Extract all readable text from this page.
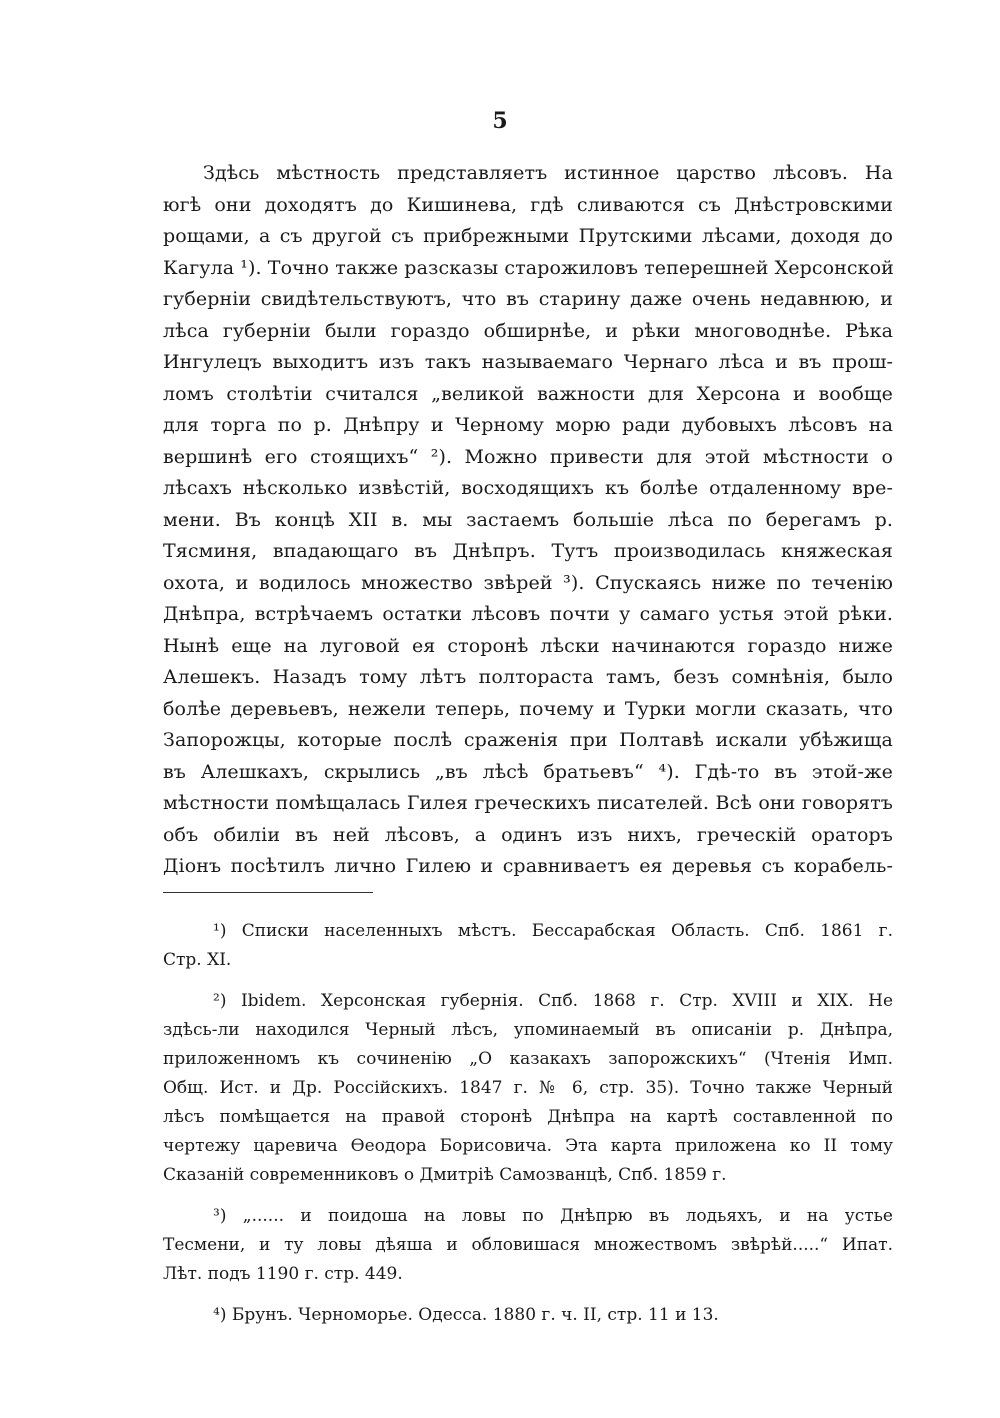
5
Здѣсь мѣстность представляетъ истинное царство лѣсовъ. На
югѣ они доходятъ до Кишинева, гдѣ сливаются съ Днѣстровскими
рощами, а съ другой съ прибрежными Прутскими лѣсами, доходя до
Кагула ¹). Точно также разсказы старожиловъ теперешней Херсонской
губерніи свидѣтельствуютъ, что въ старину даже очень недавнюю, и
лѣса губерніи были гораздо обширнѣе, и рѣки многоводнѣе. Рѣка
Ингулецъ выходитъ изъ такъ называемаго Чернаго лѣса и въ прош-
ломъ столѣтіи считался „великой важности для Херсона и вообще
для торга по р. Днѣпру и Черному морю ради дубовыхъ лѣсовъ на
вершинѣ его стоящихъ“ ²). Можно привести для этой мѣстности о
лѣсахъ нѣсколько извѣстій, восходящихъ къ болѣе отдаленному вре-
мени. Въ концѣ XII в. мы застаемъ большіе лѣса по берегамъ р.
Тясминя, впадающаго въ Днѣпръ. Тутъ производилась княжеская
охота, и водилось множество звѣрей ³). Спускаясь ниже по теченію
Днѣпра, встрѣчаемъ остатки лѣсовъ почти у самаго устья этой рѣки.
Нынѣ еще на луговой ея сторонѣ лѣски начинаются гораздо ниже
Алешекъ. Назадъ тому лѣтъ полтораста тамъ, безъ сомнѣнія, было
болѣе деревьевъ, нежели теперь, почему и Турки могли сказать, что
Запорожцы, которые послѣ сраженія при Полтавѣ искали убѣжища
въ Алешкахъ, скрылись „въ лѣсѣ братьевъ“ ⁴). Гдѣ-то въ этой-же
мѣстности помѣщалась Гилея греческихъ писателей. Всѣ они говорятъ
объ обиліи въ ней лѣсовъ, а одинъ изъ нихъ, греческій ораторъ
Діонъ посѣтилъ лично Гилею и сравниваетъ ея деревья съ корабель-
¹) Списки населенныхъ мѣстъ. Бессарабская Область. Спб. 1861 г.
Стр. XI.
²) Ibidem. Херсонская губернія. Спб. 1868 г. Стр. XVIII и XIX. Не
здѣсь-ли находился Черный лѣсъ, упоминаемый въ описаніи р. Днѣпра,
приложенномъ къ сочиненію „О казакахъ запорожскихъ“ (Чтенія Имп.
Общ. Ист. и Др. Россійскихъ. 1847 г. № 6, стр. 35). Точно также Черный
лѣсъ помѣщается на правой сторонѣ Днѣпра на картѣ составленной по
чертежу царевича Ѳеодора Борисовича. Эта карта приложена ко II тому
Сказаній современниковъ о Дмитріѣ Самозванцѣ, Спб. 1859 г.
³) „...... и поидоша на ловы по Днѣпрю въ лодьяхъ, и на устье
Тесмени, и ту ловы дѣяша и обловишася множествомъ звѣрѣй.....“ Ипат.
Лѣт. подъ 1190 г. стр. 449.
⁴) Брунъ. Черноморье. Одесса. 1880 г. ч. II, стр. 11 и 13.
